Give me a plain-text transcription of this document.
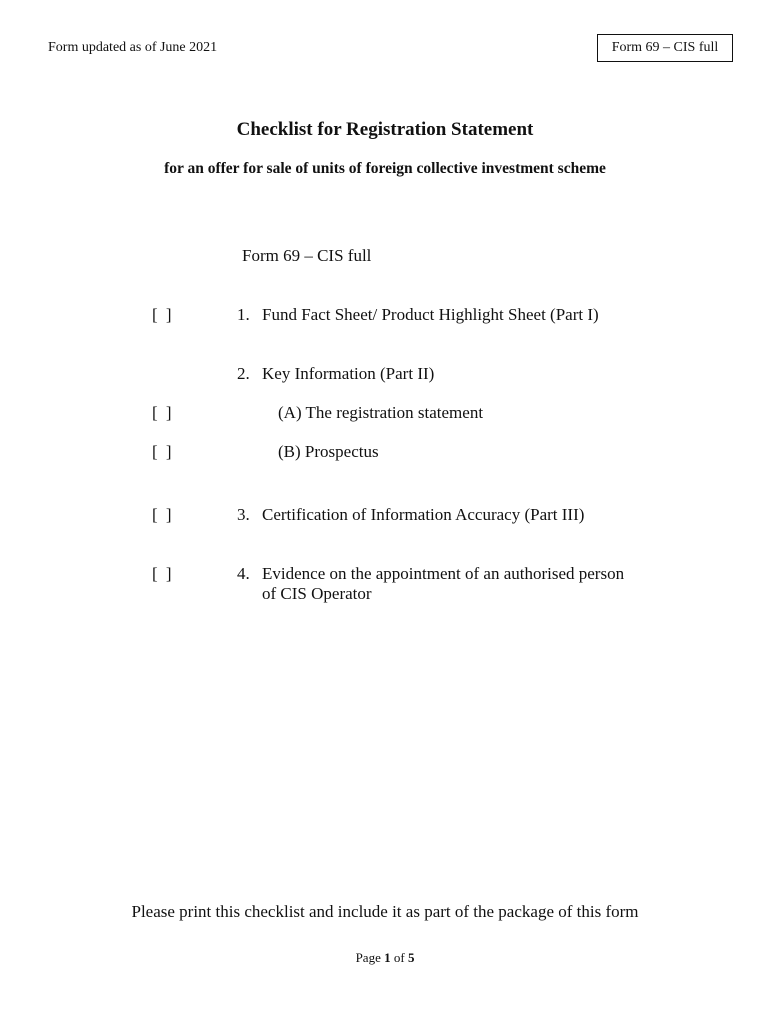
Form updated as of June 2021	Form 69 – CIS full
Checklist for Registration Statement
for an offer for sale of units of foreign collective investment scheme
Form 69 – CIS full
[ ]	1. Fund Fact Sheet/ Product Highlight Sheet (Part I)
2. Key Information (Part II)
[ ]	(A) The registration statement
[ ]	(B) Prospectus
[ ]	3. Certification of Information Accuracy (Part III)
[ ]	4. Evidence on the appointment of an authorised person
of CIS Operator
Please print this checklist and include it as part of the package of this form
Page 1 of 5
